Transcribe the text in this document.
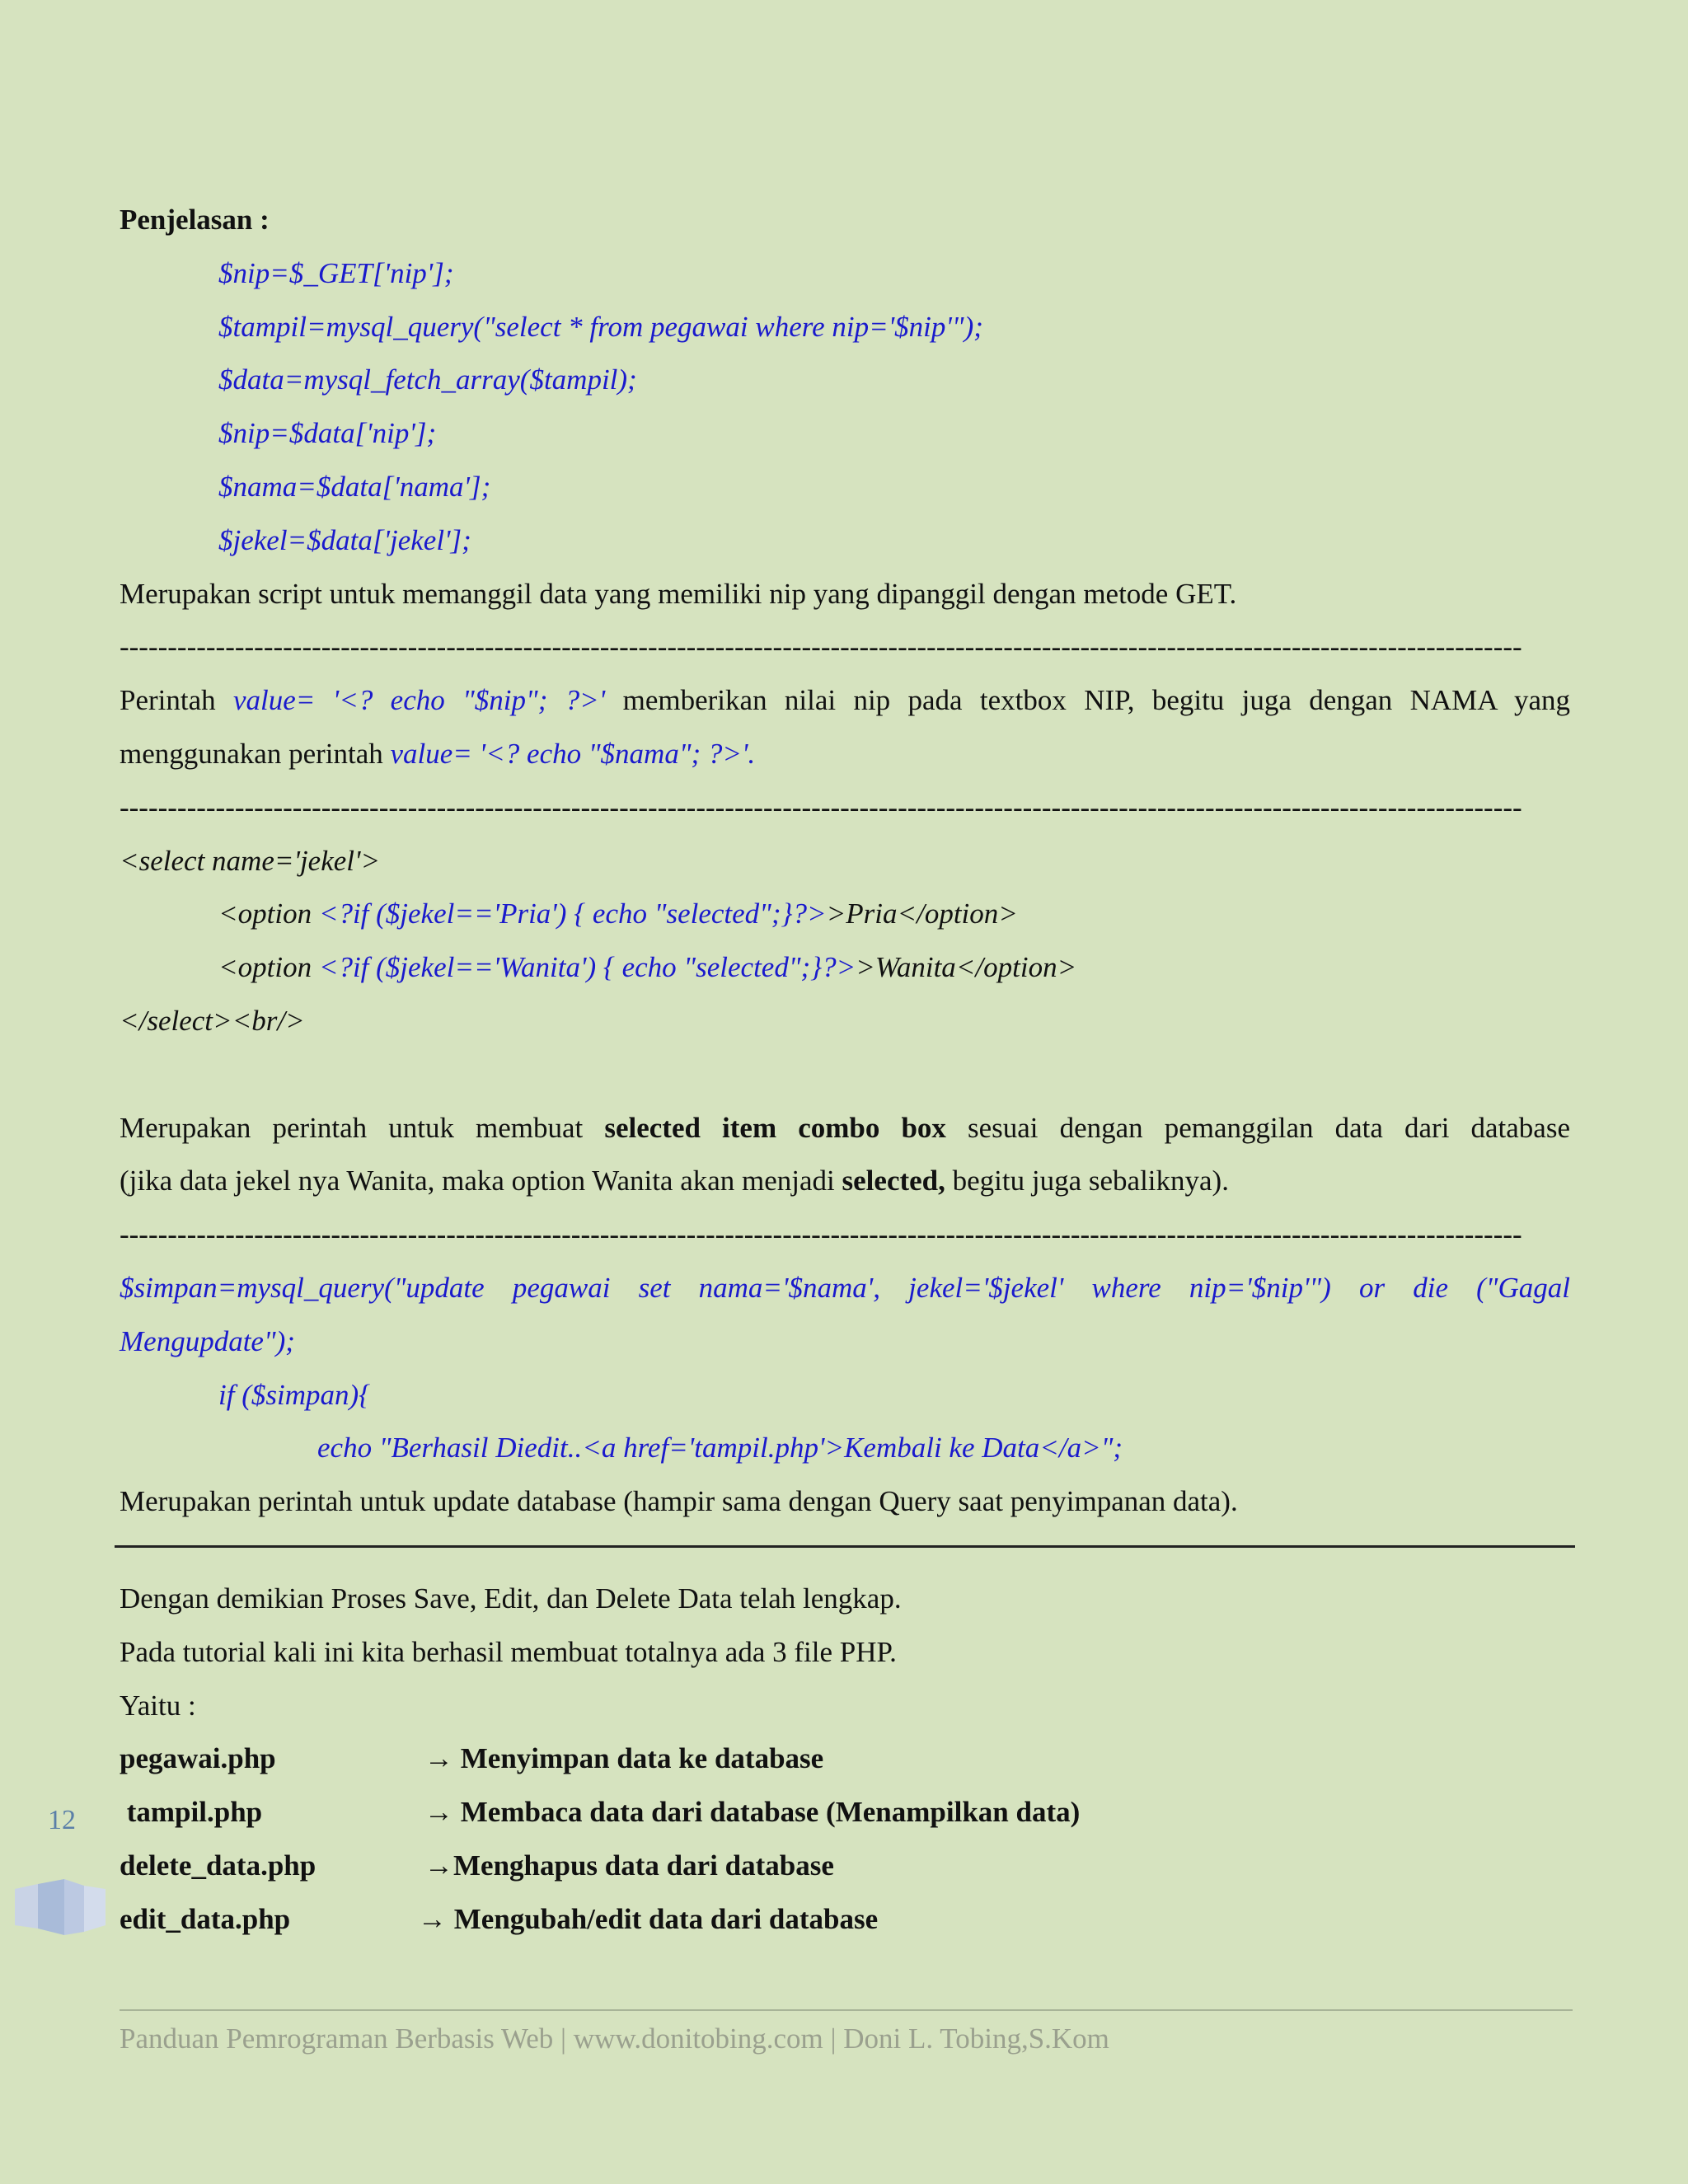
Penjelasan :
$nip=$_GET['nip'];
$tampil=mysql_query("select * from pegawai where nip='$nip'");
$data=mysql_fetch_array($tampil);
$nip=$data['nip'];
$nama=$data['nama'];
$jekel=$data['jekel'];
Merupakan script untuk memanggil data yang memiliki nip yang dipanggil dengan metode GET.
--------------------------------------------------------------------------------------------------------------------------------------------------
Perintah value= '<? echo "$nip"; ?>' memberikan nilai nip pada textbox NIP, begitu juga dengan NAMA yang
menggunakan perintah value= '<? echo "$nama"; ?>'.
--------------------------------------------------------------------------------------------------------------------------------------------------
<select name='jekel'>
<option <?if ($jekel=='Pria') { echo "selected";}?>>Pria</option>
<option <?if ($jekel=='Wanita') { echo "selected";}?>>Wanita</option>
</select><br/>
Merupakan perintah untuk membuat selected item combo box sesuai dengan pemanggilan data dari database
(jika data jekel nya Wanita, maka option Wanita akan menjadi selected, begitu juga sebaliknya).
--------------------------------------------------------------------------------------------------------------------------------------------------
$simpan=mysql_query("update pegawai set nama='$nama', jekel='$jekel' where nip='$nip'") or die ("Gagal
Mengupdate");
if ($simpan){
echo "Berhasil Diedit..<a href='tampil.php'>Kembali ke Data</a>";
Merupakan perintah untuk update database (hampir sama dengan Query saat penyimpanan data).
Dengan demikian Proses Save, Edit, dan Delete Data telah lengkap.
Pada tutorial kali ini kita berhasil membuat totalnya ada 3 file PHP.
Yaitu :
pegawai.php	→ Menyimpan data ke database
tampil.php	→ Membaca data dari database (Menampilkan data)
delete_data.php	→Menghapus data dari database
edit_data.php	→ Mengubah/edit data dari database
12
Panduan Pemrograman Berbasis Web | www.donitobing.com | Doni L. Tobing,S.Kom
